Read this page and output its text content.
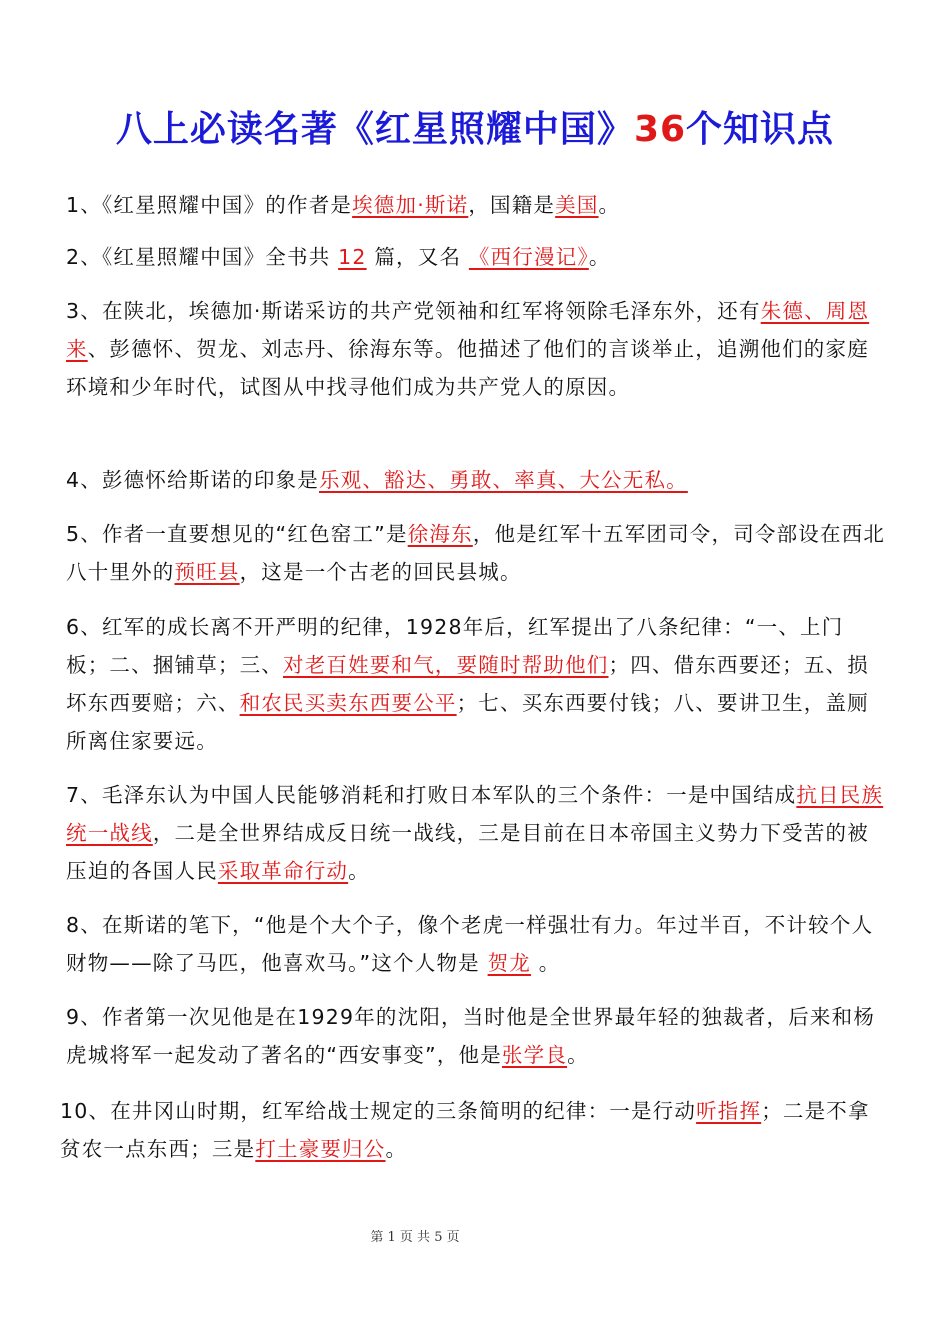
八上必读名著《红星照耀中国》36个知识点
1、《红星照耀中国》的作者是埃德加·斯诺，国籍是美国。
2、《红星照耀中国》全书共 12 篇，又名 《西行漫记》。
3、在陕北，埃德加·斯诺采访的共产党领袖和红军将领除毛泽东外，还有朱德、周恩来、彭德怀、贺龙、刘志丹、徐海东等。他描述了他们的言谈举止，追溯他们的家庭环境和少年时代，试图从中找寻他们成为共产党人的原因。
4、彭德怀给斯诺的印象是乐观、豁达、勇敢、率真、大公无私。
5、作者一直要想见的“红色窑工”是徐海东，他是红军十五军团司令，司令部设在西北八十里外的预旺县，这是一个古老的回民县城。
6、红军的成长离不开严明的纪律，1928年后，红军提出了八条纪律：“一、上门板；二、捆铺草；三、对老百姓要和气，要随时帮助他们；四、借东西要还；五、损坏东西要赔；六、和农民买卖东西要公平；七、买东西要付钱；八、要讲卫生，盖厕所离住家要远。
7、毛泽东认为中国人民能够消耗和打败日本军队的三个条件：一是中国结成抗日民族统一战线，二是全世界结成反日统一战线，三是目前在日本帝国主义势力下受苦的被压迫的各国人民采取革命行动。
8、在斯诺的笔下，“他是个大个子，像个老虎一样强壮有力。年过半百，不计较个人财物——除了马匹，他喜欢马。”这个人物是 贺龙 。
9、作者第一次见他是在1929年的沈阳，当时他是全世界最年轻的独裁者，后来和杨虎城将军一起发动了著名的“西安事变”，他是张学良。
10、在井冈山时期，红军给战士规定的三条简明的纪律：一是行动听指挥；二是不拿贫农一点东西；三是打土豪要归公。
第 1 页 共 5 页
